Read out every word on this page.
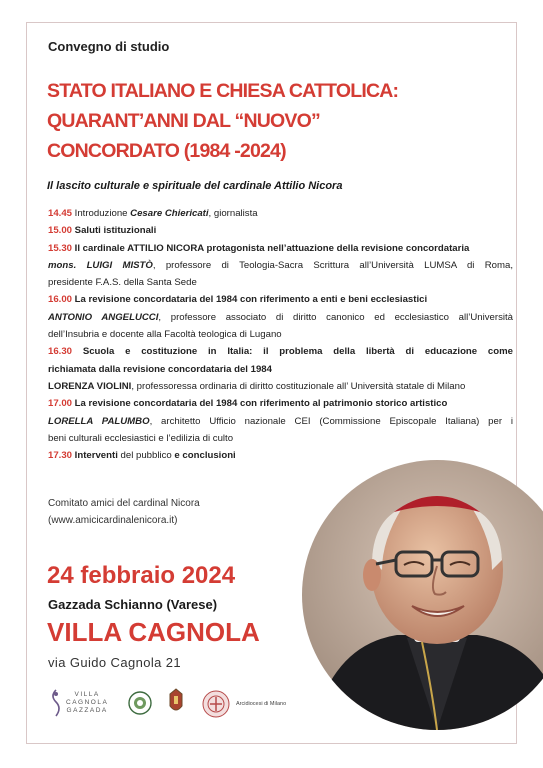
Convegno di studio
STATO ITALIANO E CHIESA CATTOLICA:
QUARANT’ANNI DAL “NUOVO”
CONCORDATO (1984 -2024)
Il lascito culturale e spirituale del cardinale Attilio Nicora
14.45 Introduzione Cesare Chiericati, giornalista
15.00 Saluti istituzionali
15.30 Il cardinale ATTILIO NICORA protagonista nell’attuazione della revisione concordataria
mons. LUIGI MISTÒ, professore di Teologia-Sacra Scrittura all’Università LUMSA di Roma,
presidente F.A.S. della Santa Sede
16.00 La revisione concordataria del 1984 con riferimento a enti e beni ecclesiastici
ANTONIO ANGELUCCI, professore associato di diritto canonico ed ecclesiastico all’Università
dell’Insubria e docente alla Facoltà teologica di Lugano
16.30 Scuola e costituzione in Italia: il problema della libertà di educazione come
richiamata dalla revisione concordataria del 1984
LORENZA VIOLINI, professoressa ordinaria di diritto costituzionale all’ Università statale di Milano
17.00 La revisione concordataria del 1984 con riferimento al patrimonio storico artistico
LORELLA PALUMBO, architetto Ufficio nazionale CEI (Commissione Episcopale Italiana) per i
beni culturali ecclesiastici e l’edilizia di culto
17.30 Interventi del pubblico e conclusioni
Comitato amici del cardinal Nicora
(www.amicicardinalenicora.it)
24 febbraio 2024
Gazzada Schianno (Varese)
VILLA CAGNOLA
via Guido Cagnola 21
VILLA
CAGNOLA
GAZZADA
Arcidiocesi di Milano
